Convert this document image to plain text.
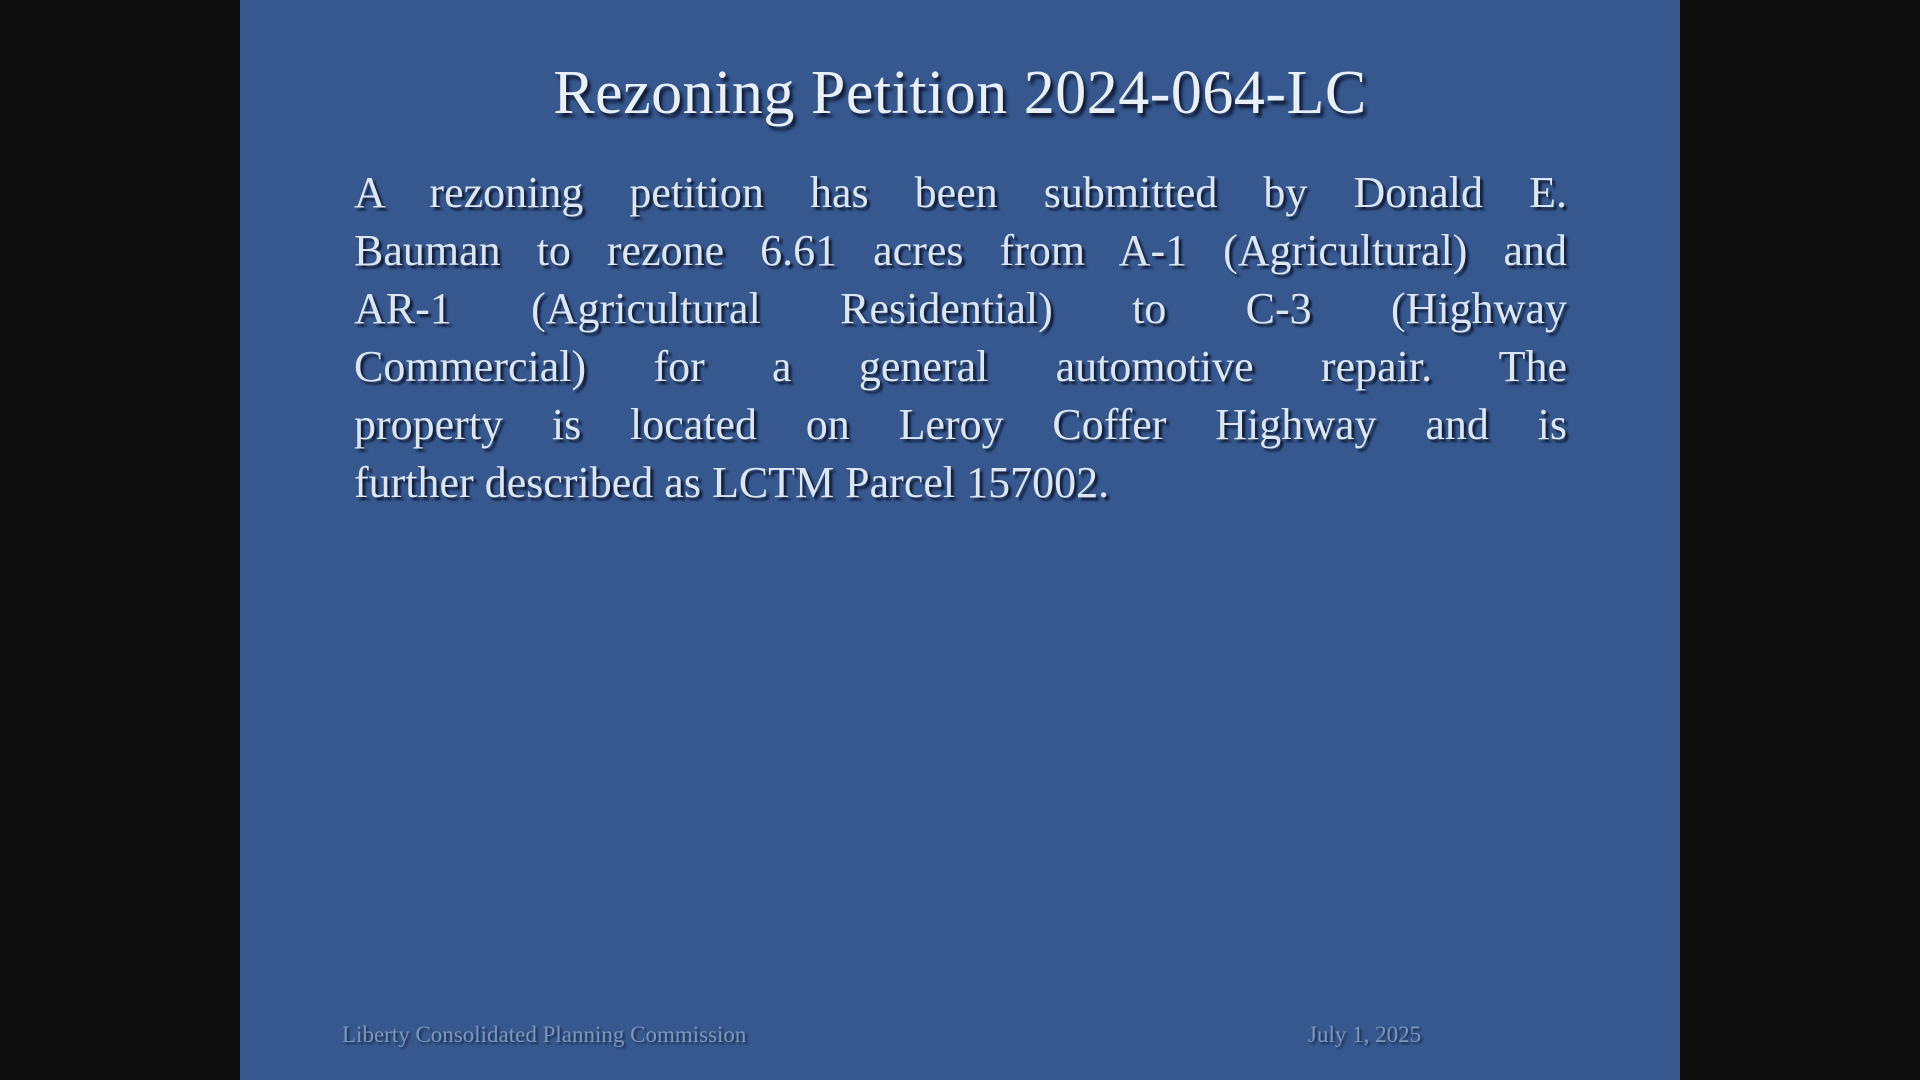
Rezoning Petition 2024-064-LC
A rezoning petition has been submitted by Donald E.
Bauman to rezone 6.61 acres from A-1 (Agricultural) and
AR-1 (Agricultural Residential) to C-3 (Highway
Commercial) for a general automotive repair. The
property is located on Leroy Coffer Highway and is
further described as LCTM Parcel 157002.
Liberty Consolidated Planning Commission	July 1, 2025
